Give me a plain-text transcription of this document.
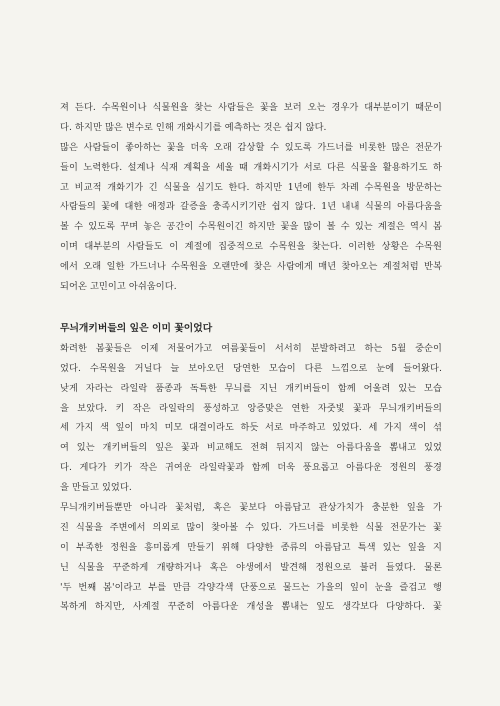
져 든다. 수목원이나 식물원을 찾는 사람들은 꽃을 보러 오는 경우가 대부분이기 때문이
다. 하지만 많은 변수로 인해 개화시기를 예측하는 것은 쉽지 않다.
많은 사람들이 좋아하는 꽃을 더욱 오래 감상할 수 있도록 가드너를 비롯한 많은 전문가
들이 노력한다. 설계나 식재 계획을 세울 때 개화시기가 서로 다른 식물을 활용하기도 하
고 비교적 개화기가 긴 식물을 심기도 한다. 하지만 1년에 한두 차례 수목원을 방문하는
사람들의 꽃에 대한 애정과 갈증을 충족시키기란 쉽지 않다. 1년 내내 식물의 아름다움을
볼 수 있도록 꾸며 놓은 공간이 수목원이긴 하지만 꽃을 많이 볼 수 있는 계절은 역시 봄
이며 대부분의 사람들도 이 계절에 집중적으로 수목원을 찾는다. 이러한 상황은 수목원
에서 오래 일한 가드너나 수목원을 오랜만에 찾은 사람에게 매년 찾아오는 계절처럼 반복
되어온 고민이고 아쉬움이다.
무늬개키버들의 잎은 이미 꽃이었다
화려한 봄꽃들은 이제 저물어가고 여름꽃들이 서서히 분발하려고 하는 5월 중순이
었다. 수목원을 거닐다 늘 보아오던 당연한 모습이 다른 느낌으로 눈에 들어왔다.
낮게 자라는 라일락 품종과 독특한 무늬를 지닌 개키버들이 함께 어울려 있는 모습
을 보았다. 키 작은 라일락의 풍성하고 앙증맞은 연한 자줏빛 꽃과 무늬개키버들의
세 가지 색 잎이 마치 미모 대결이라도 하듯 서로 마주하고 있었다. 세 가지 색이 섞
여 있는 개키버들의 잎은 꽃과 비교해도 전혀 뒤지지 않는 아름다움을 뽐내고 있었
다. 게다가 키가 작은 귀여운 라일락꽃과 함께 더욱 풍요롭고 아름다운 정원의 풍경
을 만들고 있었다.
무늬개키버들뿐만 아니라 꽃처럼, 혹은 꽃보다 아름답고 관상가치가 충분한 잎을 가
진 식물을 주변에서 의외로 많이 찾아볼 수 있다. 가드너를 비롯한 식물 전문가는 꽃
이 부족한 정원을 흥미롭게 만들기 위해 다양한 종류의 아름답고 특색 있는 잎을 지
닌 식물을 꾸준하게 개량하거나 혹은 야생에서 발견해 정원으로 불러 들였다. 물론
'두 번째 봄'이라고 부를 만큼 각양각색 단풍으로 물드는 가을의 잎이 눈을 즐겁고 행
복하게 하지만, 사계절 꾸준히 아름다운 개성을 뽐내는 잎도 생각보다 다양하다. 꽃
